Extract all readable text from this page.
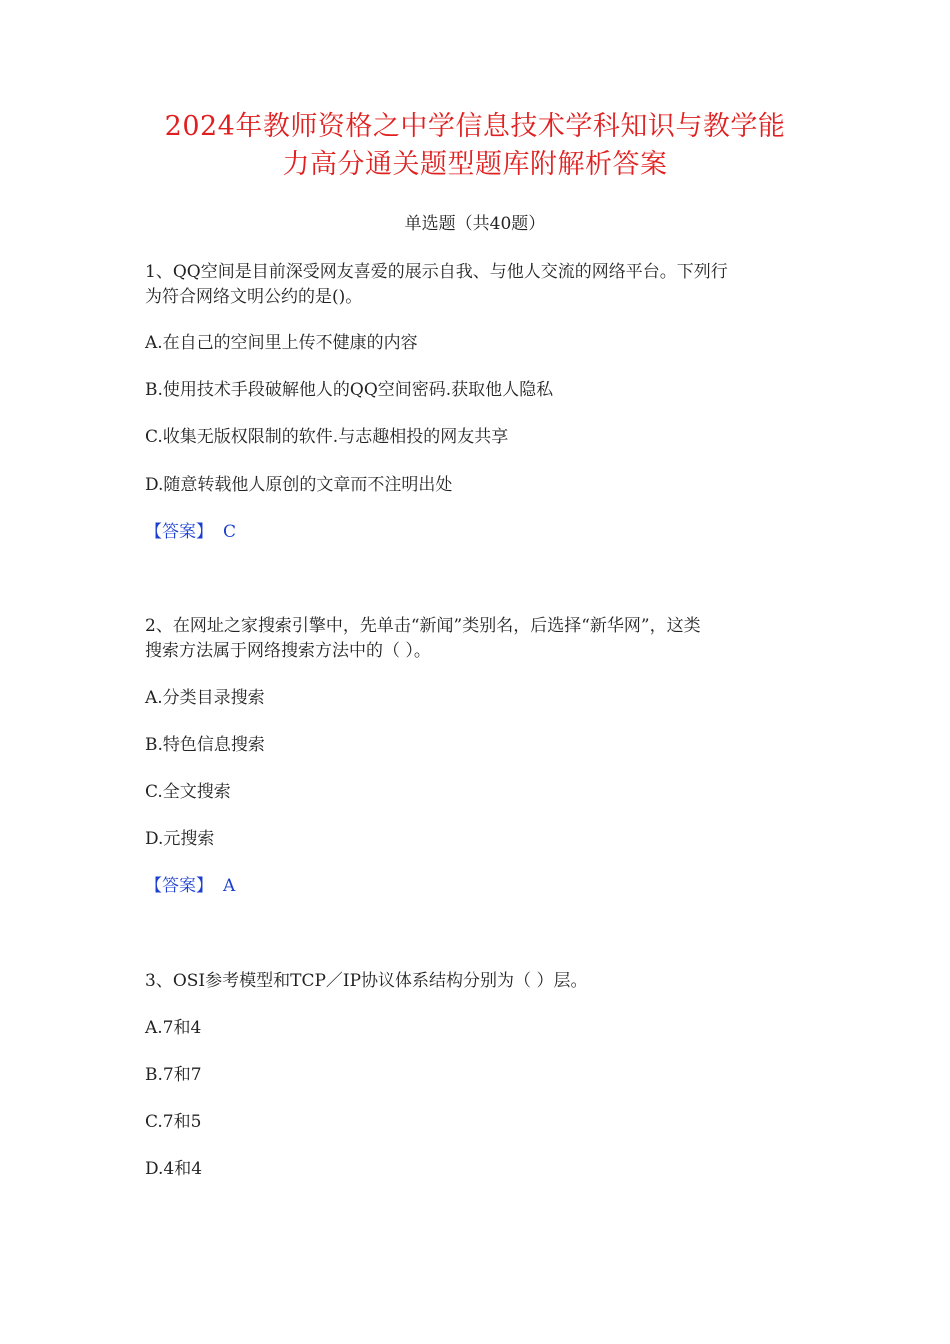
2024年教师资格之中学信息技术学科知识与教学能
力高分通关题型题库附解析答案
单选题（共40题）
1、QQ空间是目前深受网友喜爱的展示自我、与他人交流的网络平台。下列行
为符合网络文明公约的是()。
A.在自己的空间里上传不健康的内容
B.使用技术手段破解他人的QQ空间密码.获取他人隐私
C.收集无版权限制的软件.与志趣相投的网友共享
D.随意转载他人原创的文章而不注明出处
【答案】 C
2、在网址之家搜索引擎中，先单击“新闻”类别名，后选择“新华网”，这类
搜索方法属于网络搜索方法中的（ ）。
A.分类目录搜索
B.特色信息搜索
C.全文搜索
D.元搜索
【答案】 A
3、OSI参考模型和TCP／IP协议体系结构分别为（ ）层。
A.7和4
B.7和7
C.7和5
D.4和4
